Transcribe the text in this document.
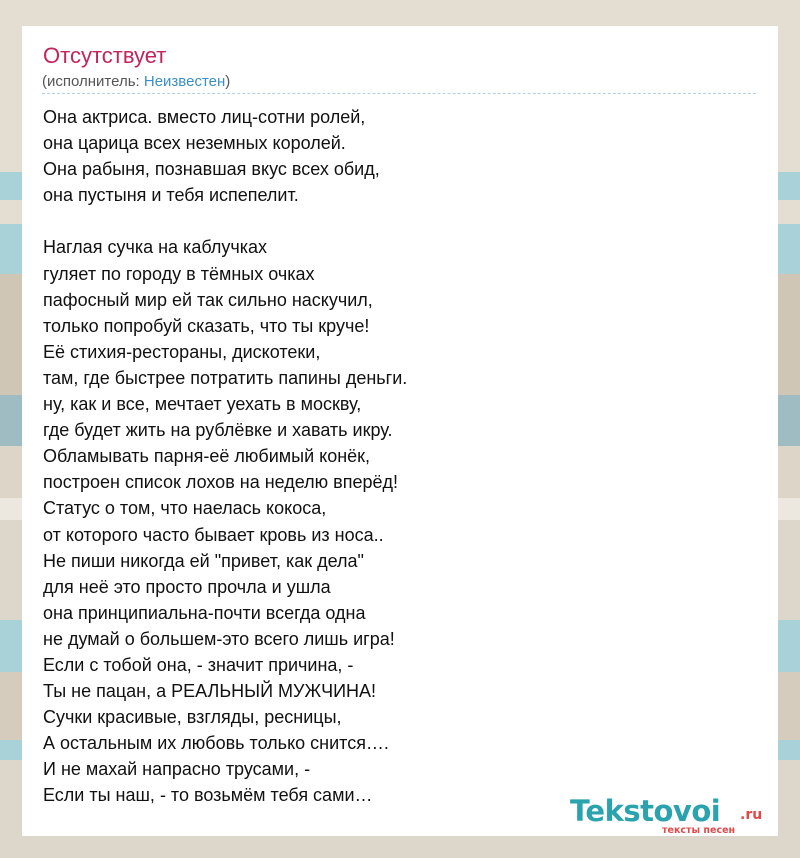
Отсутствует
(исполнитель: Неизвестен)
Она актриса. вместо лиц-сотни ролей,
она царица всех неземных королей.
Она рабыня, познавшая вкус всех обид,
она пустыня и тебя испепелит.
Наглая сучка на каблучках
гуляет по городу в тёмных очках
пафосный мир ей так сильно наскучил,
только попробуй сказать, что ты круче!
Её стихия-рестораны, дискотеки,
там, где быстрее потратить папины деньги.
ну, как и все, мечтает уехать в москву,
где будет жить на рублёвке и хавать икру.
Обламывать парня-её любимый конёк,
построен список лохов на неделю вперёд!
Статус о том, что наелась кокоса,
от которого часто бывает кровь из носа..
Не пиши никогда ей "привет, как дела"
для неё это просто прочла и ушла
она принципиальна-почти всегда одна
не думай о большем-это всего лишь игра!
Если с тобой она, - значит причина, -
Ты не пацан, а РЕАЛЬНЫЙ МУЖЧИНА!
Сучки красивые, взгляды, ресницы,
А остальным их любовь только снится….
И не махай напрасно трусами, -
Если ты наш, - то возьмём тебя сами…	Tekstovoi .ru
тексты песен
